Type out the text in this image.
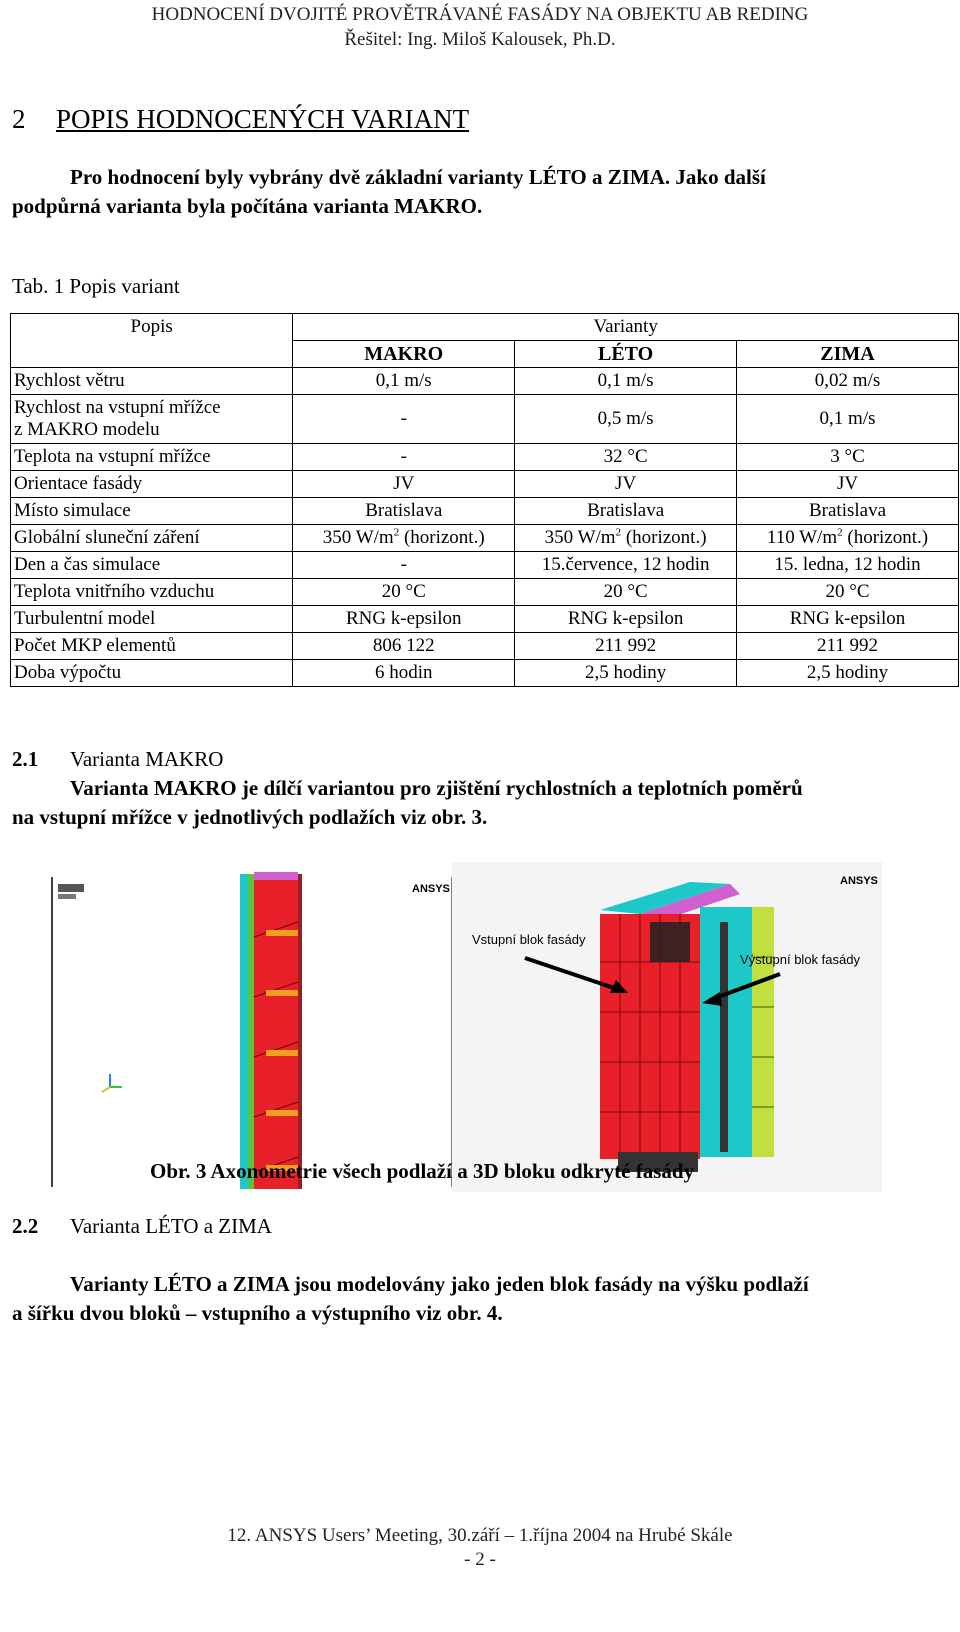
HODNOCENÍ DVOJITÉ PROVĚTRÁVANÉ FASÁDY NA OBJEKTU AB REDING
Řešitel: Ing. Miloš Kalousek, Ph.D.
2 POPIS HODNOCENÝCH VARIANT
Pro hodnocení byly vybrány dvě základní varianty LÉTO a ZIMA. Jako další
podpůrná varianta byla počítána varianta MAKRO.
Tab. 1 Popis variant
Popis	Varianty		
	MAKRO	LÉTO	ZIMA
Rychlost větru	0,1 m/s	0,1 m/s	0,02 m/s

Rychlost na vstupní mřížce
z MAKRO modelu	-	0,5 m/s	0,1 m/s
Teplota na vstupní mřížce	-	32 °C	3 °C
Orientace fasády	JV	JV	JV
Místo simulace	Bratislava	Bratislava	Bratislava
Globální sluneční záření	350 $W/m^2$ (horizont.)	350 $W/m^2$ (horizont.)	110 $W/m^2$ (horizont.)
Den a čas simulace	-	15.července, 12 hodin	15. ledna, 12 hodin
Teplota vnitřního vzduchu	20 °C	20 °C	20 °C
Turbulentní model	RNG k-epsilon	RNG k-epsilon	RNG k-epsilon
Počet MKP elementů	806 122	211 992	211 992
Doba výpočtu	6 hodin	2,5 hodiny	2,5 hodiny
2.1 Varianta MAKRO
Varianta MAKRO je dílčí variantou pro zjištění rychlostních a teplotních poměrů
na vstupní mřížce v jednotlivých podlažích viz obr. 3.
ANSYS
ANSYS
Vstupní blok fasády
Výstupní blok fasády
Obr. 3 Axonometrie všech podlaží a 3D bloku odkryté fasády
2.2 Varianta LÉTO a ZIMA
Varianty LÉTO a ZIMA jsou modelovány jako jeden blok fasády na výšku podlaží
a šířku dvou bloků – vstupního a výstupního viz obr. 4.
12. ANSYS Users’ Meeting, 30.září – 1.října 2004 na Hrubé Skále
- 2 -
